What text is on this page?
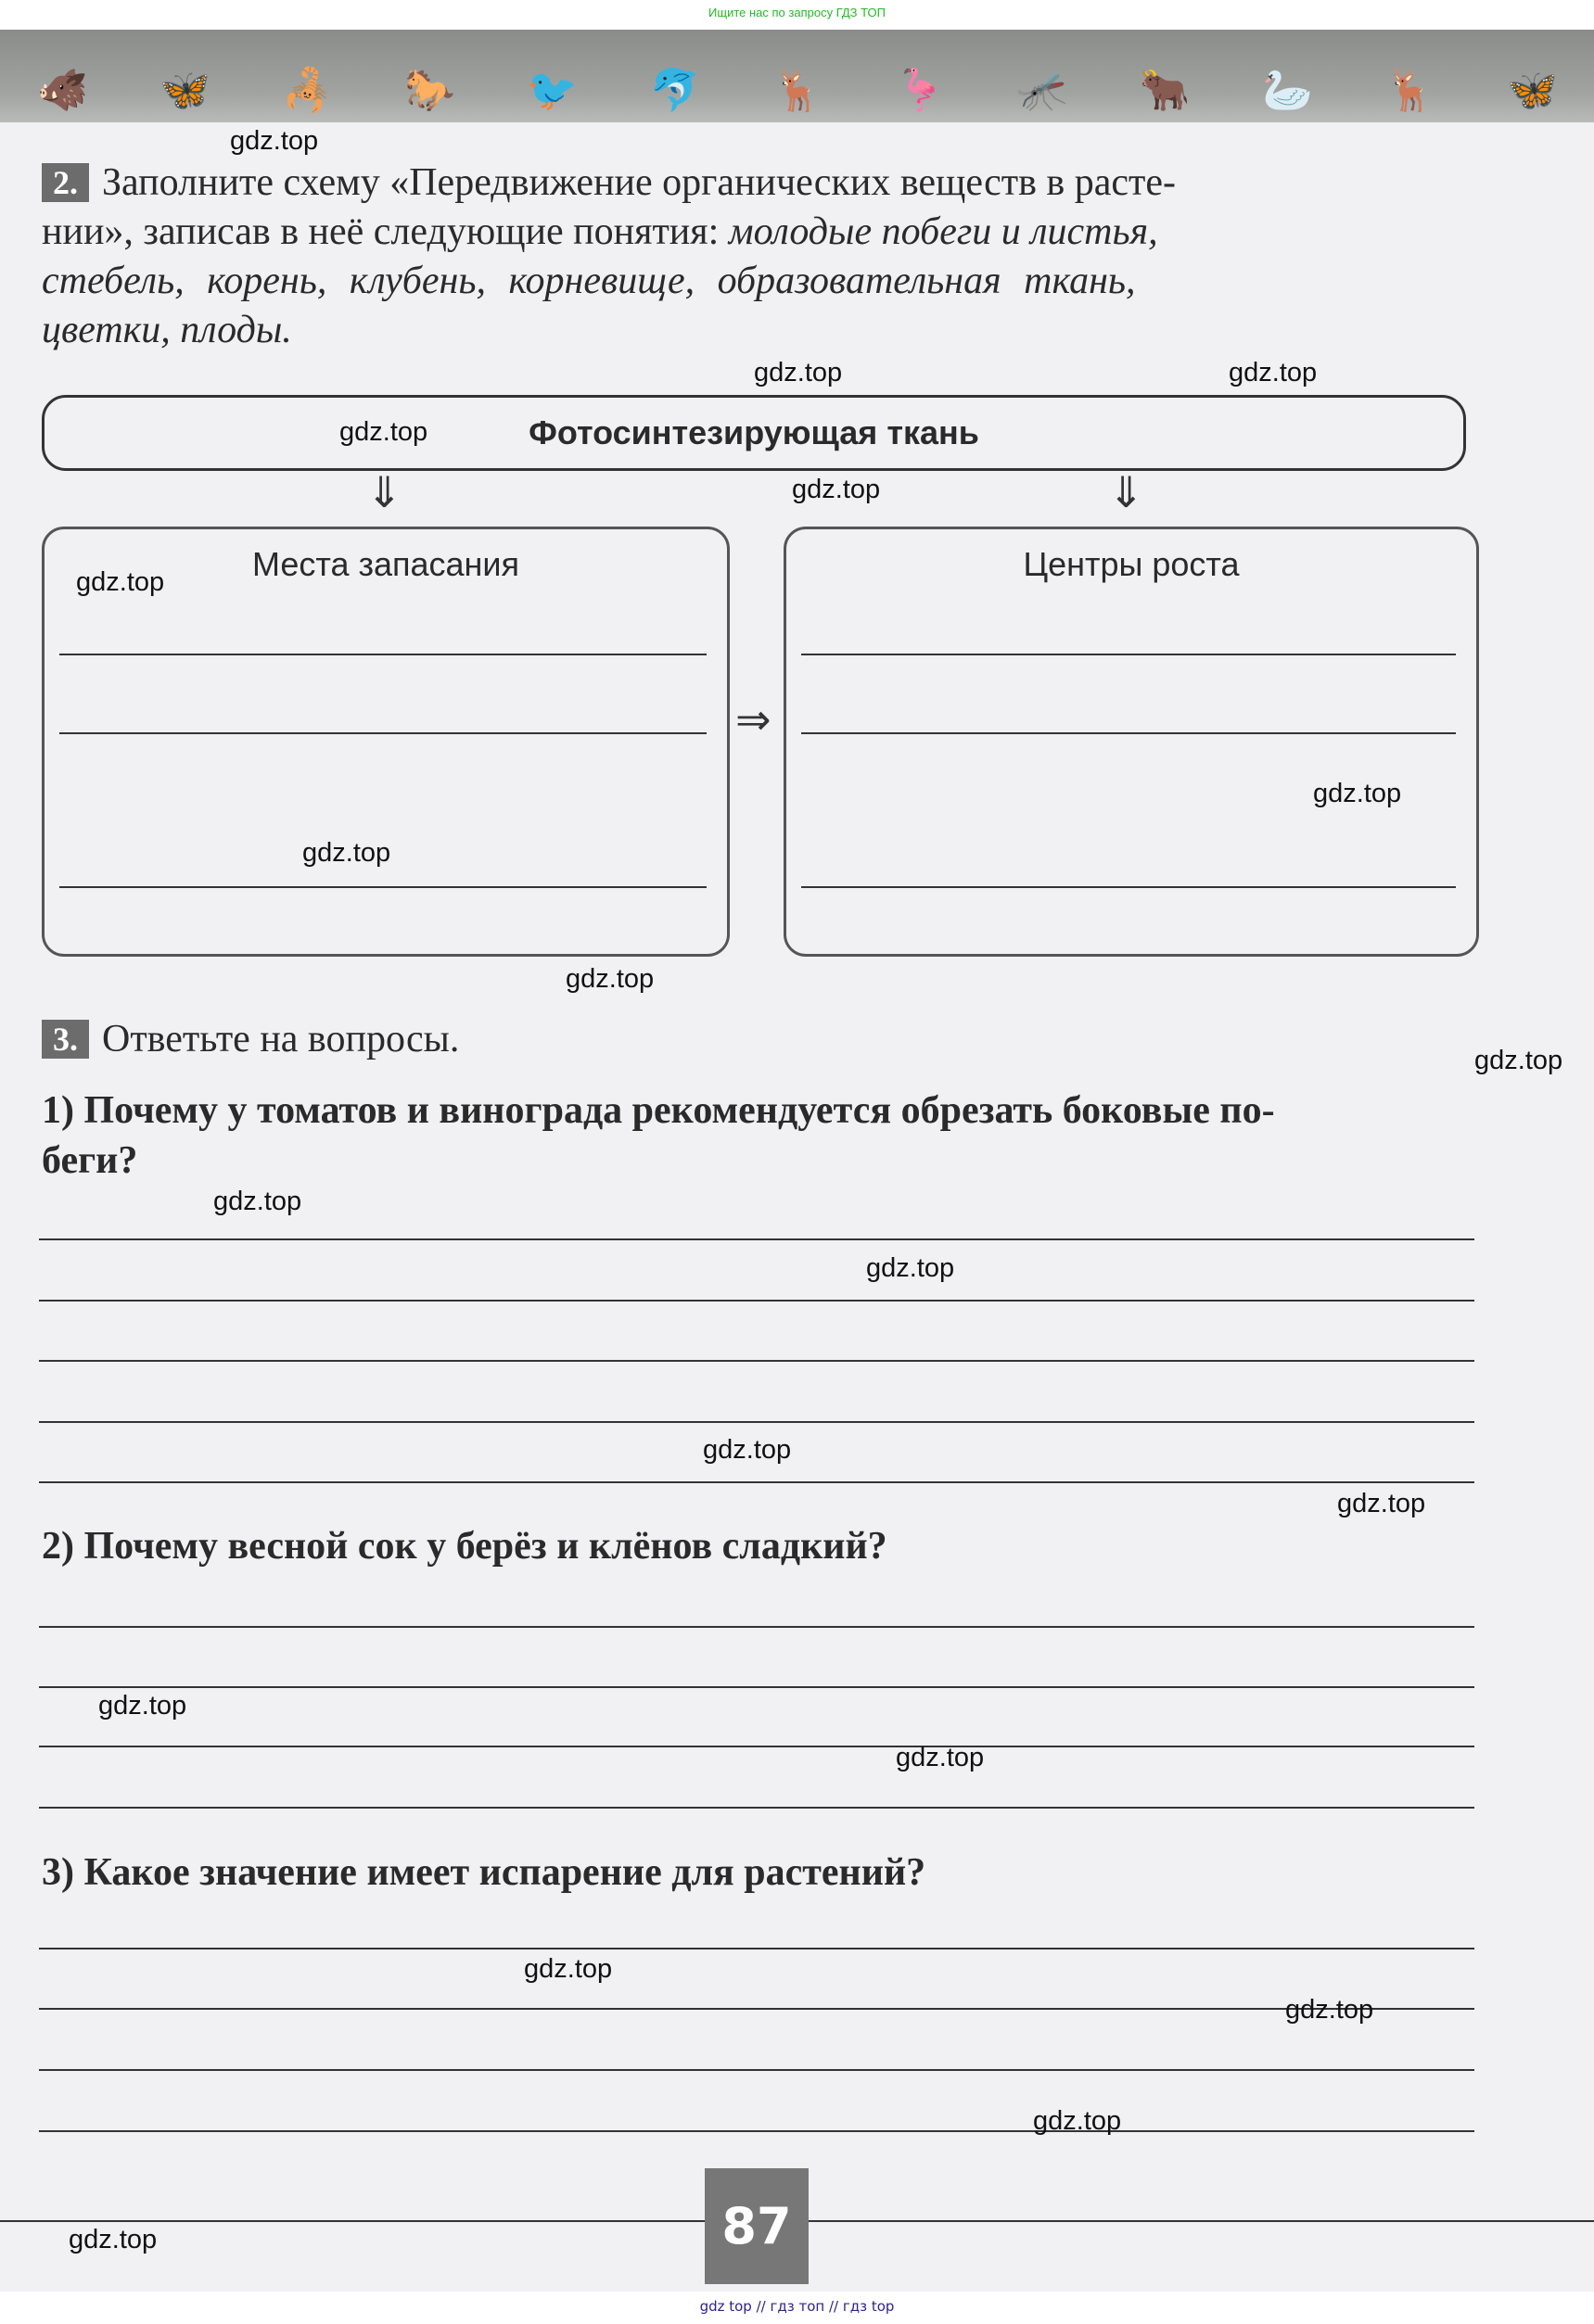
Ищите нас по запросу ГДЗ ТОП
🐗 🦋 🦂 🐎 🐦 🐬 🦌 🦩 🦟 🐂 🦢 🦌 🦋
2. Заполните схему «Передвижение органических веществ в расте-
нии», записав в неё следующие понятия: молодые побеги и листья,
стебель, корень, клубень, корневище, образовательная ткань,
цветки, плоды.
Фотосинтезирующая ткань
⇓	⇓
Места запасания
⇒
Центры роста
3. Ответьте на вопросы.
1) Почему у томатов и винограда рекомендуется обрезать боковые по-
беги?
2) Почему весной сок у берёз и клёнов сладкий?
3) Какое значение имеет испарение для растений?
87
gdz top // гдз топ // гдз top
gdz.top
gdz.top	gdz.top
gdz.top
gdz.top
gdz.top
gdz.top
gdz.top
gdz.top
gdz.top
gdz.top
gdz.top
gdz.top
gdz.top
gdz.top
gdz.top
gdz.top
gdz.top
gdz.top
gdz.top
